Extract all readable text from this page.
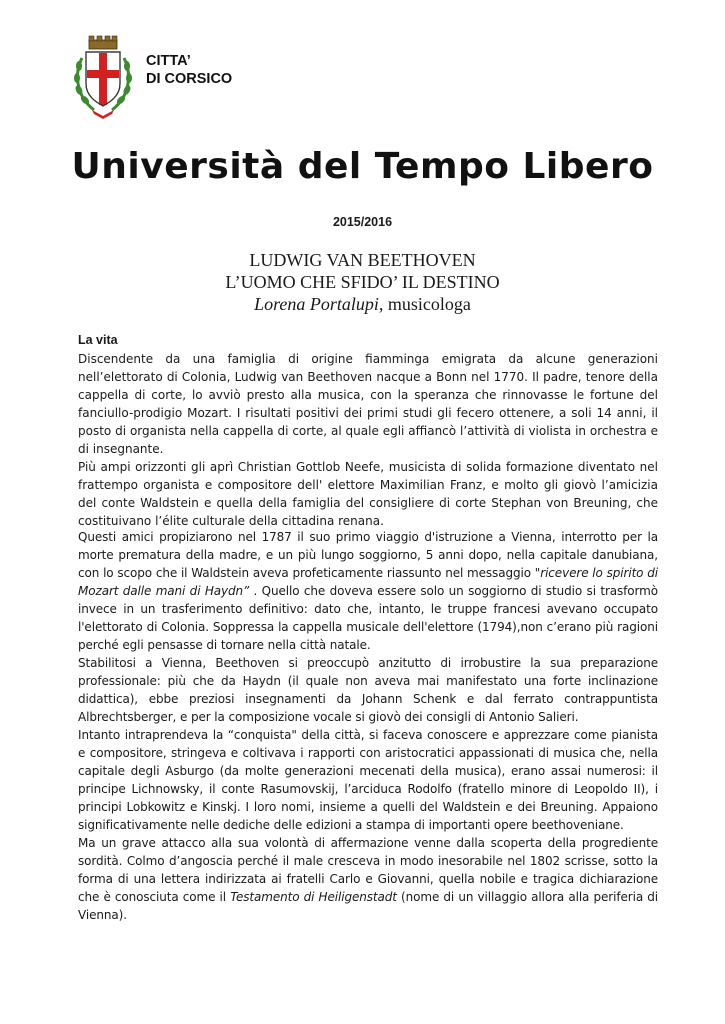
CITTA’
DI CORSICO
Università del Tempo Libero
2015/2016
LUDWIG VAN BEETHOVEN
L’UOMO CHE SFIDO’ IL DESTINO
Lorena Portalupi, musicologa
La vita

Discendente da una famiglia di origine fiamminga emigrata da alcune generazioni nell’elettorato di Colonia, Ludwig van Beethoven nacque a Bonn nel 1770. Il padre, tenore della cappella di corte, lo avviò presto alla musica, con la speranza che rinnovasse le fortune del fanciullo-prodigio Mozart. I risultati positivi dei primi studi gli fecero ottenere, a soli 14 anni, il posto di organista nella cappella di corte, al quale egli affiancò l’attività di violista in orchestra e di insegnante.

Più ampi orizzonti gli aprì Christian Gottlob Neefe, musicista di solida formazione diventato nel frattempo organista e compositore dell' elettore Maximilian Franz, e molto gli giovò l’amicizia del conte Waldstein e quella della famiglia del consigliere di corte Stephan von Breuning, che costituivano l’élite culturale della cittadina renana.

Questi amici propiziarono nel 1787 il suo primo viaggio d'istruzione a Vienna, interrotto per la morte prematura della madre, e un più lungo soggiorno, 5 anni dopo, nella capitale danubiana, con lo scopo che il Waldstein aveva profeticamente riassunto nel messaggio "ricevere lo spirito di Mozart dalle mani di Haydn” . Quello che doveva essere solo un soggiorno di studio si trasformò invece in un trasferimento definitivo: dato che, intanto, le truppe francesi avevano occupato l'elettorato di Colonia. Soppressa la cappella musicale dell'elettore (1794),non c’erano più ragioni perché egli pensasse di tornare nella città natale.

Stabilitosi a Vienna, Beethoven si preoccupò anzitutto di irrobustire la sua preparazione professionale: più che da Haydn (il quale non aveva mai manifestato una forte inclinazione didattica), ebbe preziosi insegnamenti da Johann Schenk e dal ferrato contrappuntista Albrechtsberger, e per la composizione vocale si giovò dei consigli di Antonio Salieri.

Intanto intraprendeva la “conquista" della città, si faceva conoscere e apprezzare come pianista e compositore, stringeva e coltivava i rapporti con aristocratici appassionati di musica che, nella capitale degli Asburgo (da molte generazioni mecenati della musica), erano assai numerosi: il principe Lichnowsky, il conte Rasumovskij, l’arciduca Rodolfo (fratello minore di Leopoldo II), i principi Lobkowitz e Kinskj. I loro nomi, insieme a quelli del Waldstein e dei Breuning. Appaiono significativamente nelle dediche delle edizioni a stampa di importanti opere beethoveniane.

Ma un grave attacco alla sua volontà di affermazione venne dalla scoperta della progrediente sordità. Colmo d’angoscia perché il male cresceva in modo inesorabile nel 1802 scrisse, sotto la forma di una lettera indirizzata ai fratelli Carlo e Giovanni, quella nobile e tragica dichiarazione che è conosciuta come il Testamento di Heiligenstadt (nome di un villaggio allora alla periferia di Vienna).
